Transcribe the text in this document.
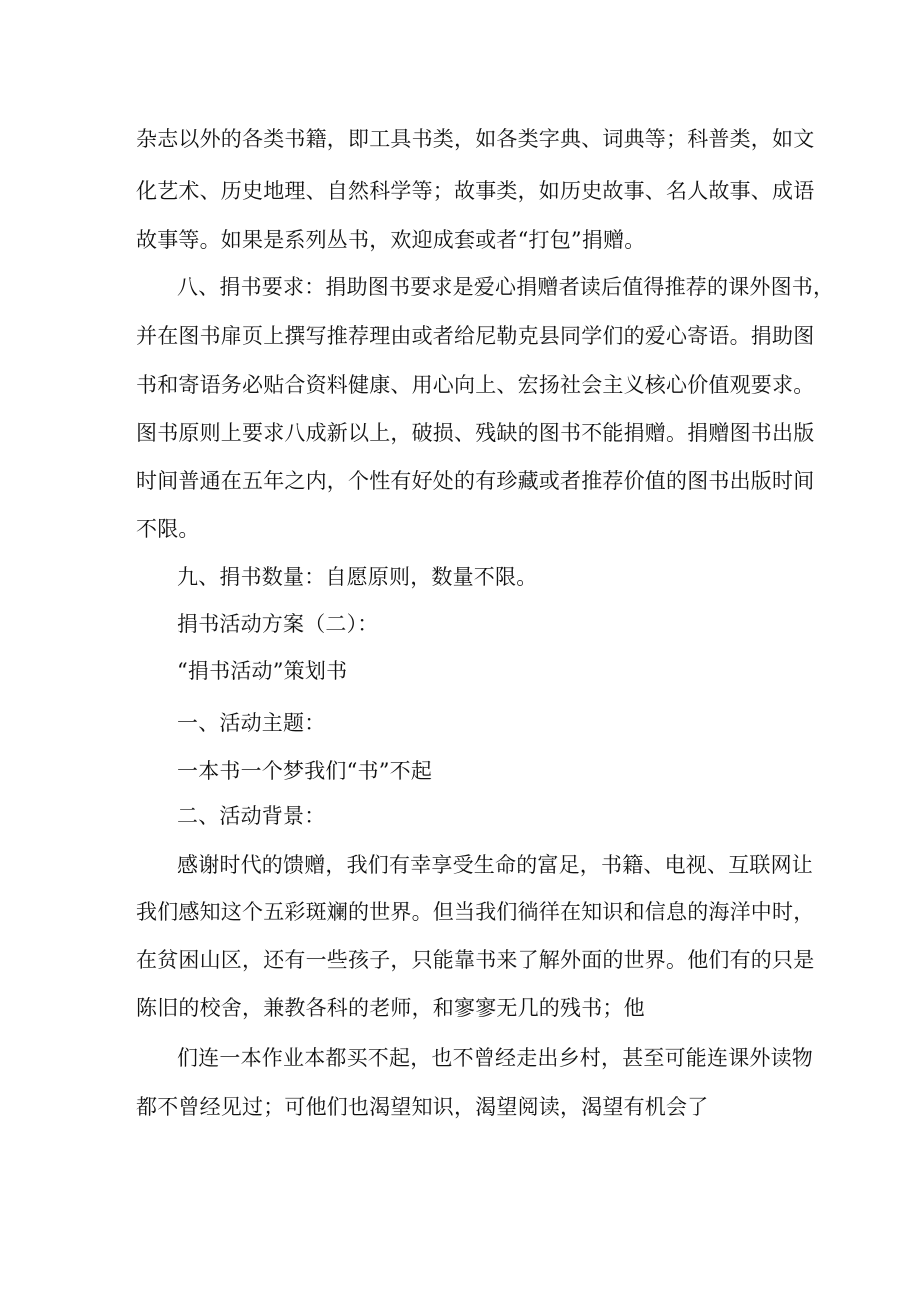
杂志以外的各类书籍，即工具书类，如各类字典、词典等；科普类，如文
化艺术、历史地理、自然科学等；故事类，如历史故事、名人故事、成语
故事等。如果是系列丛书，欢迎成套或者“打包”捐赠。
八、捐书要求：捐助图书要求是爱心捐赠者读后值得推荐的课外图书，
并在图书扉页上撰写推荐理由或者给尼勒克县同学们的爱心寄语。捐助图
书和寄语务必贴合资料健康、用心向上、宏扬社会主义核心价值观要求。
图书原则上要求八成新以上，破损、残缺的图书不能捐赠。捐赠图书出版
时间普通在五年之内，个性有好处的有珍藏或者推荐价值的图书出版时间
不限。
九、捐书数量：自愿原则，数量不限。
捐书活动方案（二）：
“捐书活动”策划书
一、活动主题：
一本书一个梦我们“书”不起
二、活动背景：
感谢时代的馈赠，我们有幸享受生命的富足，书籍、电视、互联网让
我们感知这个五彩斑斓的世界。但当我们徜徉在知识和信息的海洋中时，
在贫困山区，还有一些孩子，只能靠书来了解外面的世界。他们有的只是
陈旧的校舍，兼教各科的老师，和寥寥无几的残书；他
们连一本作业本都买不起，也不曾经走出乡村，甚至可能连课外读物
都不曾经见过；可他们也渴望知识，渴望阅读，渴望有机会了
